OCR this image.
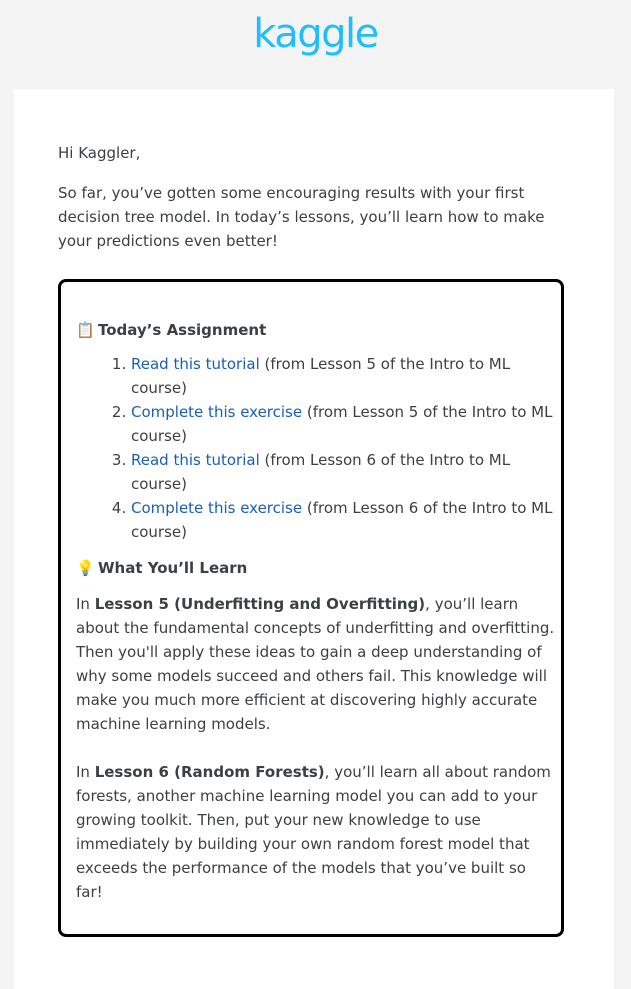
kaggle

Hi Kaggler,

So far, you’ve gotten some encouraging results with your first decision tree model. In today’s lessons, you’ll learn how to make your predictions even better!

📋 Today’s Assignment

1. Read this tutorial (from Lesson 5 of the Intro to ML course)
2. Complete this exercise (from Lesson 5 of the Intro to ML course)
3. Read this tutorial (from Lesson 6 of the Intro to ML course)
4. Complete this exercise (from Lesson 6 of the Intro to ML course)

💡 What You’ll Learn

In Lesson 5 (Underfitting and Overfitting), you’ll learn about the fundamental concepts of underfitting and overfitting. Then you'll apply these ideas to gain a deep understanding of why some models succeed and others fail. This knowledge will make you much more efficient at discovering highly accurate machine learning models.

In Lesson 6 (Random Forests), you’ll learn all about random forests, another machine learning model you can add to your growing toolkit. Then, put your new knowledge to use immediately by building your own random forest model that exceeds the performance of the models that you’ve built so far!
